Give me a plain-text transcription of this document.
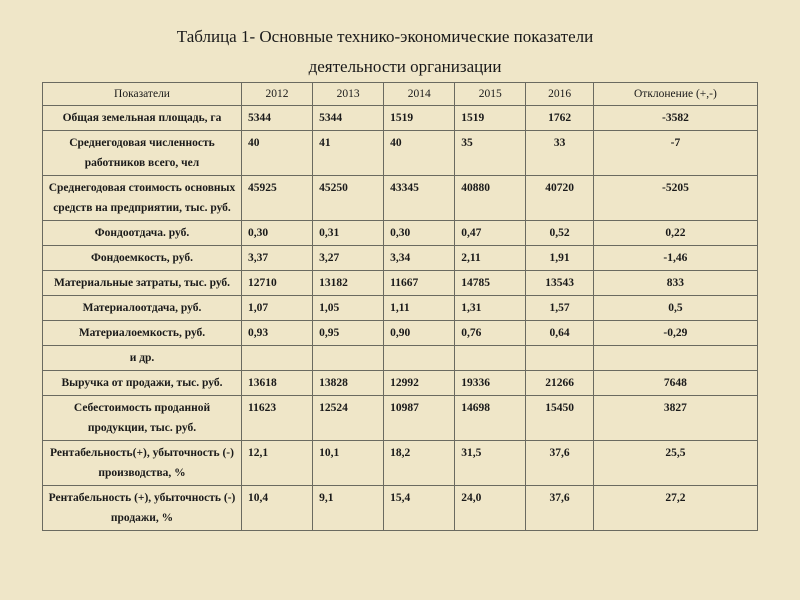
Таблица 1- Основные технико-экономические показатели
деятельности организации
Показатели	2012	2013	2014	2015	2016	Отклонение (+,-)
Общая земельная площадь, га	5344	5344	1519	1519	1762	-3582
Среднегодовая численность работников всего, чел	40	41	40	35	33	-7
Среднегодовая стоимость основных средств на предприятии, тыс. руб.	45925	45250	43345	40880	40720	-5205
Фондоотдача. руб.	0,30	0,31	0,30	0,47	0,52	0,22
Фондоемкость, руб.	3,37	3,27	3,34	2,11	1,91	-1,46
Материальные затраты, тыс. руб.	12710	13182	11667	14785	13543	833
Материалоотдача, руб.	1,07	1,05	1,11	1,31	1,57	0,5
Материалоемкость, руб.	0,93	0,95	0,90	0,76	0,64	-0,29
и др.						
Выручка от продажи, тыс. руб.	13618	13828	12992	19336	21266	7648
Себестоимость проданной продукции, тыс. руб.	11623	12524	10987	14698	15450	3827
Рентабельность(+), убыточность (-) производства, %	12,1	10,1	18,2	31,5	37,6	25,5
Рентабельность (+), убыточность (-) продажи, %	10,4	9,1	15,4	24,0	37,6	27,2
